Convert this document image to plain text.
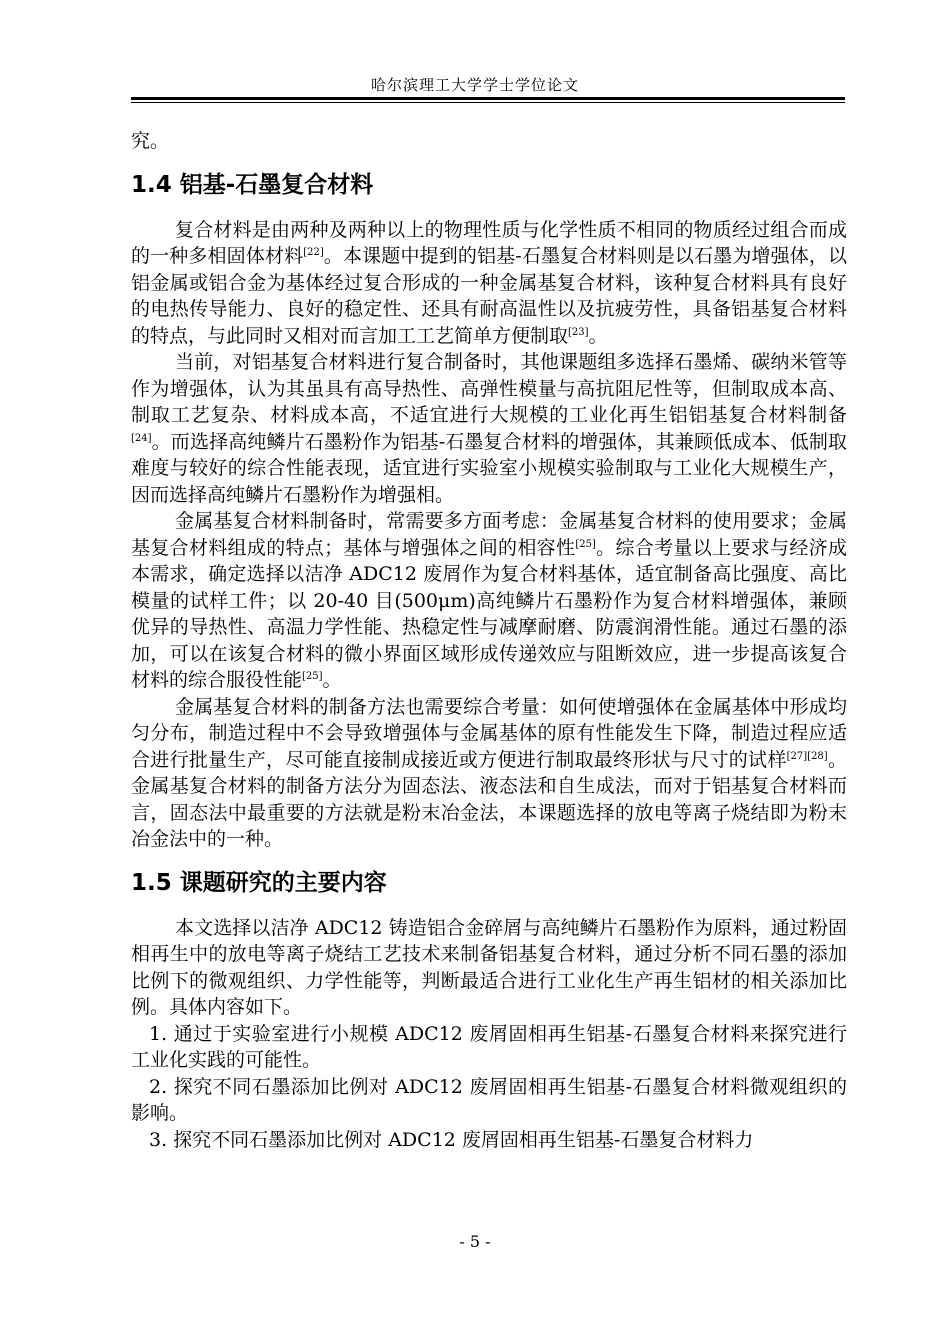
哈尔滨理工大学学士学位论文

究。

1.4 铝基-石墨复合材料

复合材料是由两种及两种以上的物理性质与化学性质不相同的物质经过组合而成的一种多相固体材料[22]。本课题中提到的铝基-石墨复合材料则是以石墨为增强体，以铝金属或铝合金为基体经过复合形成的一种金属基复合材料，该种复合材料具有良好的电热传导能力、良好的稳定性、还具有耐高温性以及抗疲劳性，具备铝基复合材料的特点，与此同时又相对而言加工工艺简单方便制取[23]。

当前，对铝基复合材料进行复合制备时，其他课题组多选择石墨烯、碳纳米管等作为增强体，认为其虽具有高导热性、高弹性模量与高抗阻尼性等，但制取成本高、制取工艺复杂、材料成本高，不适宜进行大规模的工业化再生铝铝基复合材料制备[24]。而选择高纯鳞片石墨粉作为铝基-石墨复合材料的增强体，其兼顾低成本、低制取难度与较好的综合性能表现，适宜进行实验室小规模实验制取与工业化大规模生产，因而选择高纯鳞片石墨粉作为增强相。

金属基复合材料制备时，常需要多方面考虑：金属基复合材料的使用要求；金属基复合材料组成的特点；基体与增强体之间的相容性[25]。综合考量以上要求与经济成本需求，确定选择以洁净 ADC12 废屑作为复合材料基体，适宜制备高比强度、高比模量的试样工件；以 20-40 目(500μm)高纯鳞片石墨粉作为复合材料增强体，兼顾优异的导热性、高温力学性能、热稳定性与减摩耐磨、防震润滑性能。通过石墨的添加，可以在该复合材料的微小界面区域形成传递效应与阻断效应，进一步提高该复合材料的综合服役性能[25]。

金属基复合材料的制备方法也需要综合考量：如何使增强体在金属基体中形成均匀分布，制造过程中不会导致增强体与金属基体的原有性能发生下降，制造过程应适合进行批量生产，尽可能直接制成接近或方便进行制取最终形状与尺寸的试样[27][28]。金属基复合材料的制备方法分为固态法、液态法和自生成法，而对于铝基复合材料而言，固态法中最重要的方法就是粉末冶金法，本课题选择的放电等离子烧结即为粉末冶金法中的一种。

1.5 课题研究的主要内容

本文选择以洁净 ADC12 铸造铝合金碎屑与高纯鳞片石墨粉作为原料，通过粉固相再生中的放电等离子烧结工艺技术来制备铝基复合材料，通过分析不同石墨的添加比例下的微观组织、力学性能等，判断最适合进行工业化生产再生铝材的相关添加比例。具体内容如下。

1. 通过于实验室进行小规模 ADC12 废屑固相再生铝基-石墨复合材料来探究进行工业化实践的可能性。

2. 探究不同石墨添加比例对 ADC12 废屑固相再生铝基-石墨复合材料微观组织的影响。

3. 探究不同石墨添加比例对 ADC12 废屑固相再生铝基-石墨复合材料力

- 5 -
